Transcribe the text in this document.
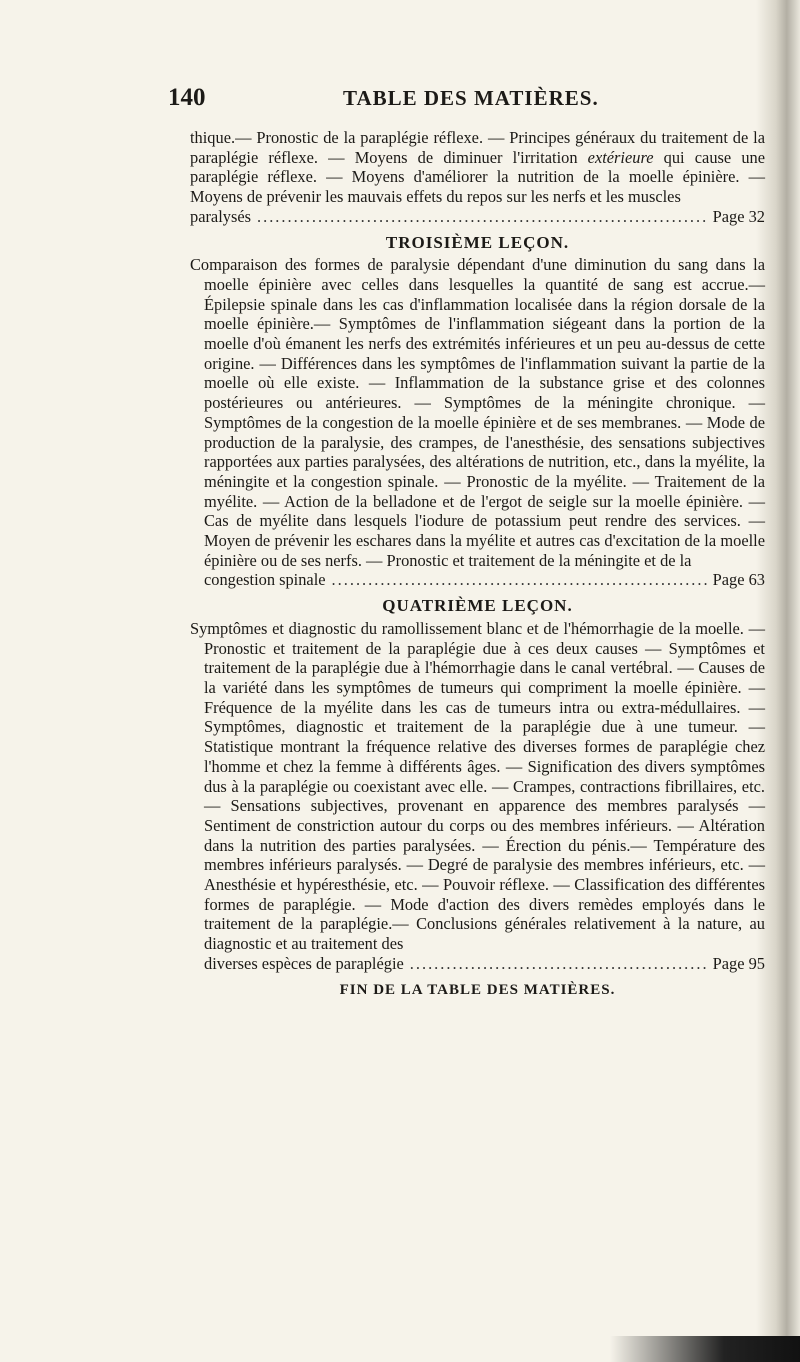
140	TABLE DES MATIÈRES.

thique.— Pronostic de la paraplégie réflexe. — Principes généraux du traitement de la paraplégie réflexe. — Moyens de diminuer l'irritation extérieure qui cause une paraplégie réflexe. — Moyens d'améliorer la nutrition de la moelle épinière. — Moyens de prévenir les mauvais effets du repos sur les nerfs et les muscles

paralysés .....	Page 32
TROISIÈME LEÇON.

Comparaison des formes de paralysie dépendant d'une diminution du sang dans la moelle épinière avec celles dans lesquelles la quantité de sang est accrue.— Épilepsie spinale dans les cas d'inflammation localisée dans la région dorsale de la moelle épinière.— Symptômes de l'inflammation siégeant dans la portion de la moelle d'où émanent les nerfs des extrémités inférieures et un peu au-dessus de cette origine. — Différences dans les symptômes de l'inflammation suivant la partie de la moelle où elle existe. — Inflammation de la substance grise et des colonnes postérieures ou antérieures. — Symptômes de la méningite chronique. — Symptômes de la congestion de la moelle épinière et de ses membranes. — Mode de production de la paralysie, des crampes, de l'anesthésie, des sensations subjectives rapportées aux parties paralysées, des altérations de nutrition, etc., dans la myélite, la méningite et la congestion spinale. — Pronostic de la myélite. — Traitement de la myélite. — Action de la belladone et de l'ergot de seigle sur la moelle épinière. — Cas de myélite dans lesquels l'iodure de potassium peut rendre des services. — Moyen de prévenir les eschares dans la myélite et autres cas d'excitation de la moelle épinière ou de ses nerfs. — Pronostic et traitement de la méningite et de la

congestion spinale .....	Page 63
QUATRIÈME LEÇON.

Symptômes et diagnostic du ramollissement blanc et de l'hémorrhagie de la moelle. — Pronostic et traitement de la paraplégie due à ces deux causes — Symptômes et traitement de la paraplégie due à l'hémorrhagie dans le canal vertébral. — Causes de la variété dans les symptômes de tumeurs qui compriment la moelle épinière. — Fréquence de la myélite dans les cas de tumeurs intra ou extra-médullaires. — Symptômes, diagnostic et traitement de la paraplégie due à une tumeur. — Statistique montrant la fréquence relative des diverses formes de paraplégie chez l'homme et chez la femme à différents âges. — Signification des divers symptômes dus à la paraplégie ou coexistant avec elle. — Crampes, contractions fibrillaires, etc. — Sensations subjectives, provenant en apparence des membres paralysés — Sentiment de constriction autour du corps ou des membres inférieurs. — Altération dans la nutrition des parties paralysées. — Érection du pénis.— Température des membres inférieurs paralysés. — Degré de paralysie des membres inférieurs, etc. — Anesthésie et hypéresthésie, etc. — Pouvoir réflexe. — Classification des différentes formes de paraplégie. — Mode d'action des divers remèdes employés dans le traitement de la paraplégie.— Conclusions générales relativement à la nature, au diagnostic et au traitement des

diverses espèces de paraplégie .....	Page 95
FIN DE LA TABLE DES MATIÈRES.
